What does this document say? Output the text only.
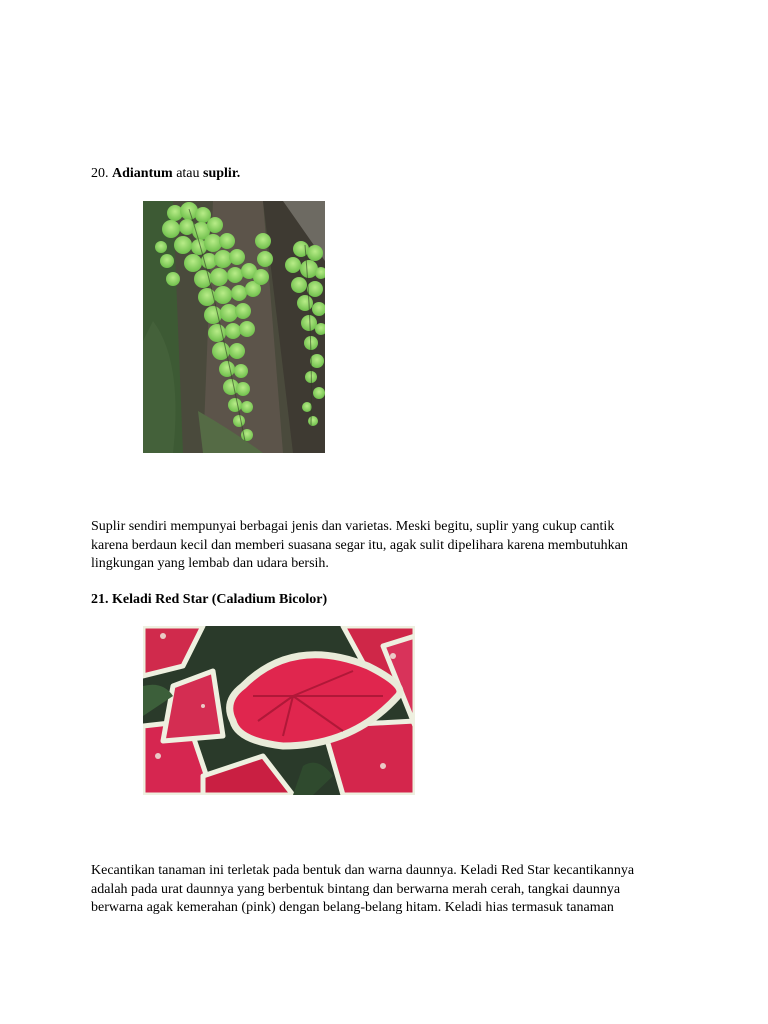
20. Adiantum atau suplir.
Suplir sendiri mempunyai berbagai jenis dan varietas. Meski begitu, suplir yang cukup cantik
karena berdaun kecil dan memberi suasana segar itu, agak sulit dipelihara karena membutuhkan
lingkungan yang lembab dan udara bersih.
21. Keladi Red Star (Caladium Bicolor)
Kecantikan tanaman ini terletak pada bentuk dan warna daunnya. Keladi Red Star kecantikannya
adalah pada urat daunnya yang berbentuk bintang dan berwarna merah cerah, tangkai daunnya
berwarna agak kemerahan (pink) dengan belang-belang hitam. Keladi hias termasuk tanaman
